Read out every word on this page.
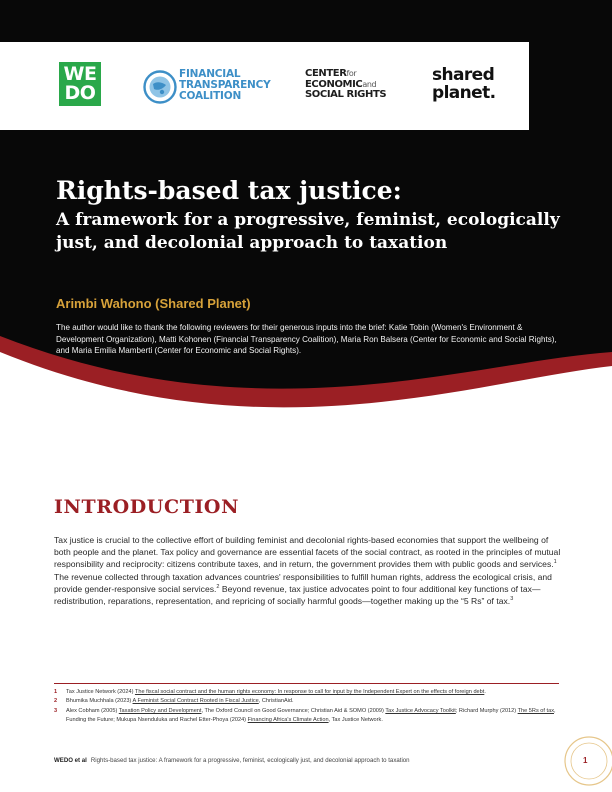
WE
DO
FINANCIAL
TRANSPARENCY
COALITION
CENTERfor
ECONOMICand
SOCIAL RIGHTS
shared
planet.
Rights-based tax justice:
A framework for a progressive, feminist, ecologically just, and decolonial approach to taxation
Arimbi Wahono (Shared Planet)

The author would like to thank the following reviewers for their generous inputs into the brief: Katie Tobin (Women's Environment & Development Organization), Matti Kohonen (Financial Transparency Coalition), Maria Ron Balsera (Center for Economic and Social Rights), and Maria Emilia Mamberti (Center for Economic and Social Rights).

INTRODUCTION

Tax justice is crucial to the collective effort of building feminist and decolonial rights-based economies that support the wellbeing of both people and the planet. Tax policy and governance are essential facets of the social contract, as rooted in the principles of mutual responsibility and reciprocity: citizens contribute taxes, and in return, the government provides them with public goods and services.$^1$ The revenue collected through taxation advances countries' responsibilities to fulfill human rights, address the ecological crisis, and provide gender-responsive social services.$^2$ Beyond revenue, tax justice advocates point to four additional key functions of tax—redistribution, reparations, representation, and repricing of socially harmful goods—together making up the “5 Rs” of tax.$^3$

1	Tax Justice Network (2024) The fiscal social contract and the human rights economy: In response to call for input by the Independent Expert on the effects of foreign debt.
2	Bhumika Muchhala (2023) A Feminist Social Contract Rooted in Fiscal Justice, ChristianAid.
3	Alex Cobham (2005) Taxation Policy and Development, The Oxford Council on Good Governance; Christian Aid & SOMO (2009) Tax Justice Advocacy Toolkit; Richard Murphy (2012) The 5Rs of tax, Funding the Future; Mukupa Nsenduluka and Rachel Etter-Phoya (2024) Financing Africa's Climate Action, Tax Justice Network.
WEDO et al Rights-based tax justice: A framework for a progressive, feminist, ecologically just, and decolonial approach to taxation	1
